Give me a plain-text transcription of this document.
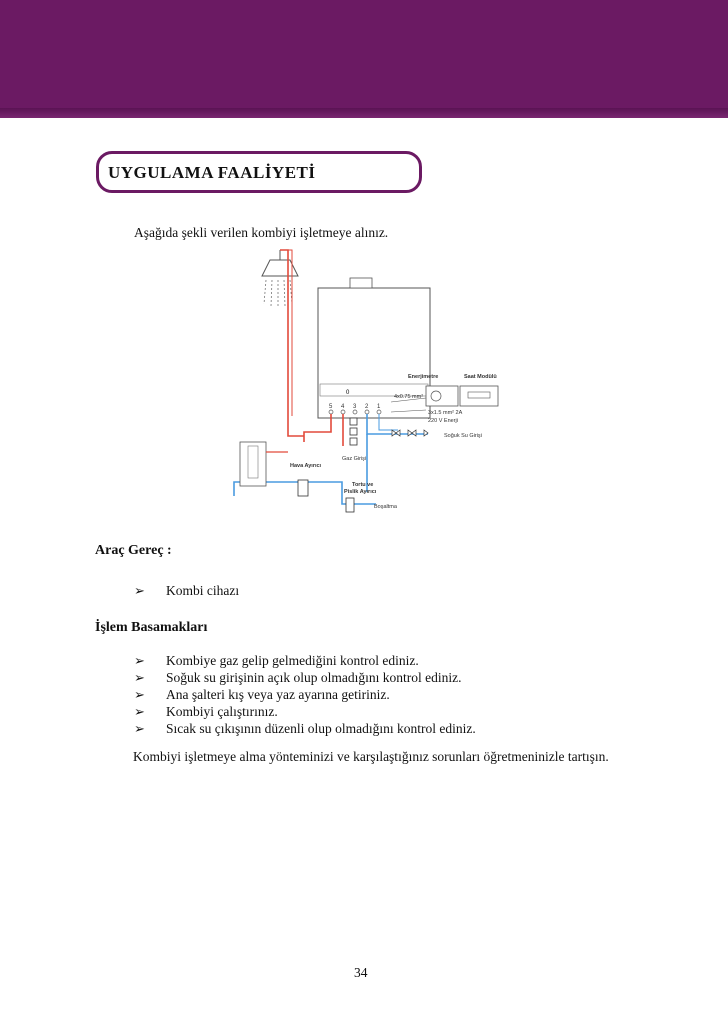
UYGULAMA FAALİYETİ
Aşağıda şekli verilen kombiyi işletmeye alınız.
0
5 4 3 2 1
Gaz Girişi
Soğuk Su Girişi
Hava Ayırıcı
Tortu ve
Pislik Ayırıcı
Boşaltma
Enerjimetre	Saat Modülü
4x0.75 mm²
3x1.5 mm² 2A
220 V Enerji
Araç Gereç :
➢	Kombi cihazı
İşlem Basamakları
➢	Kombiye gaz gelip gelmediğini kontrol ediniz.
➢	Soğuk su girişinin açık olup olmadığını kontrol ediniz.
➢	Ana şalteri kış veya yaz ayarına getiriniz.
➢	Kombiyi çalıştırınız.
➢	Sıcak su çıkışının düzenli olup olmadığını kontrol ediniz.
Kombiyi işletmeye alma yönteminizi ve karşılaştığınız sorunları öğretmeninizle tartışın.
34
